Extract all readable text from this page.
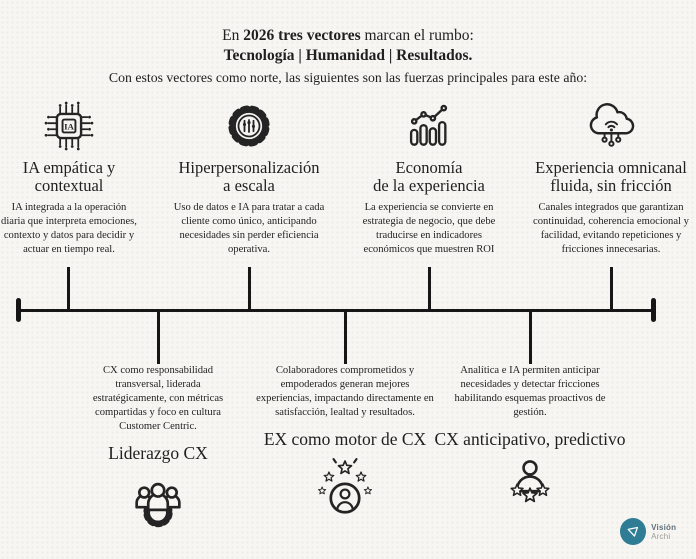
En 2026 tres vectores marcan el rumbo:
Tecnología | Humanidad | Resultados.
Con estos vectores como norte, las siguientes son las fuerzas principales para este año:
IA
IA empática y
contextual
IA integrada a la operación diaria que interpreta emociones, contexto y datos para decidir y actuar en tiempo real.
Hiperpersonalización
a escala
Uso de datos e IA para tratar a cada cliente como único, anticipando necesidades sin perder eficiencia operativa.
Economía
de la experiencia
La experiencia se convierte en estrategia de negocio, que debe traducirse en indicadores económicos que muestren ROI
Experiencia omnicanal
fluida, sin fricción
Canales integrados que garantizan continuidad, coherencia emocional y facilidad, evitando repeticiones y fricciones innecesarias.
CX como responsabilidad transversal, liderada estratégicamente, con métricas compartidas y foco en cultura Customer Centric.
Liderazgo CX
Colaboradores comprometidos y empoderados generan mejores experiencias, impactando directamente en satisfacción, lealtad y resultados.
EX como motor de CX
Analítica e IA permiten anticipar necesidades y detectar fricciones habilitando esquemas proactivos de gestión.
CX anticipativo, predictivo
Visión Archi
